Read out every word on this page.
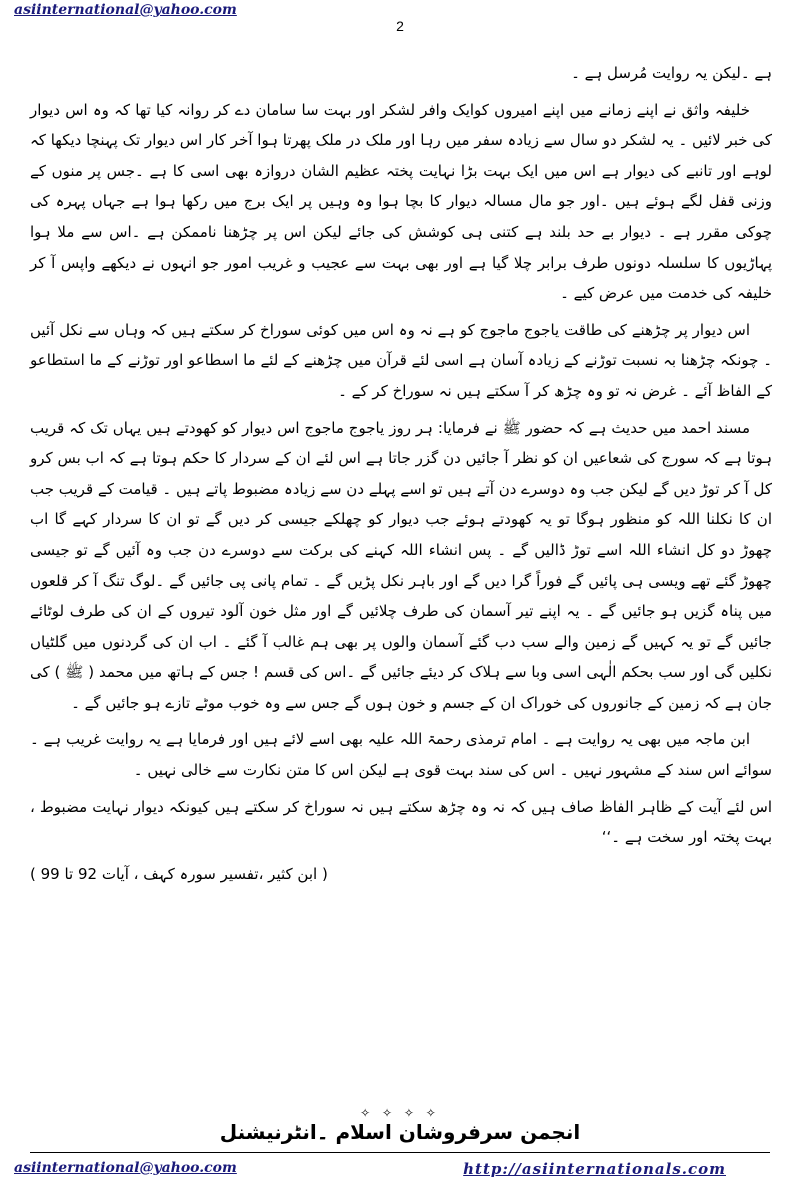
asiinternational@yahoo.com
2

ہے ۔لیکن یہ روایت مُرسل ہے ۔

خلیفہ واثق نے اپنے زمانے میں اپنے امیروں کوایک وافر لشکر اور بہت سا سامان دے کر روانہ کیا تھا کہ وہ اس دیوار کی خبر لائیں ۔ یہ لشکر دو سال سے زیادہ سفر میں رہا اور ملک در ملک پھرتا ہوا آخر کار اس دیوار تک پہنچا دیکھا کہ لوہے اور تانبے کی دیوار ہے اس میں ایک بہت بڑا نہایت پختہ عظیم الشان دروازہ بھی اسی کا ہے ۔جس پر منوں کے وزنی قفل لگے ہوئے ہیں ۔اور جو مال مسالہ دیوار کا بچا ہوا وہ وہیں پر ایک برج میں رکھا ہوا ہے جہاں پہرہ کی چوکی مقرر ہے ۔ دیوار بے حد بلند ہے کتنی ہی کوشش کی جائے لیکن اس پر چڑھنا ناممکن ہے ۔اس سے ملا ہوا پہاڑیوں کا سلسلہ دونوں طرف برابر چلا گیا ہے اور بھی بہت سے عجیب و غریب امور جو انہوں نے دیکھے واپس آ کر خلیفہ کی خدمت میں عرض کیے ۔

اس دیوار پر چڑھنے کی طاقت یاجوج ماجوج کو ہے نہ وہ اس میں کوئی سوراخ کر سکتے ہیں کہ وہاں سے نکل آئیں ۔ چونکہ چڑھنا بہ نسبت توڑنے کے زیادہ آسان ہے اسی لئے قرآن میں چڑھنے کے لئے ما اسطاعو اور توڑنے کے ما استطاعو کے الفاظ آئے ۔ غرض نہ تو وہ چڑھ کر آ سکتے ہیں نہ سوراخ کر کے ۔

مسند احمد میں حدیث ہے کہ حضور ﷺ نے فرمایا: ہر روز یاجوج ماجوج اس دیوار کو کھودتے ہیں یہاں تک کہ قریب ہوتا ہے کہ سورج کی شعاعیں ان کو نظر آ جائیں دن گزر جاتا ہے اس لئے ان کے سردار کا حکم ہوتا ہے کہ اب بس کرو کل آ کر توڑ دیں گے لیکن جب وہ دوسرے دن آتے ہیں تو اسے پہلے دن سے زیادہ مضبوط پاتے ہیں ۔ قیامت کے قریب جب ان کا نکلنا اللہ کو منظور ہوگا تو یہ کھودتے ہوئے جب دیوار کو چھلکے جیسی کر دیں گے تو ان کا سردار کہے گا اب چھوڑ دو کل انشاء اللہ اسے توڑ ڈالیں گے ۔ پس انشاء اللہ کہنے کی برکت سے دوسرے دن جب وہ آئیں گے تو جیسی چھوڑ گئے تھے ویسی ہی پائیں گے فوراً گرا دیں گے اور باہر نکل پڑیں گے ۔ تمام پانی پی جائیں گے ۔لوگ تنگ آ کر قلعوں میں پناہ گزیں ہو جائیں گے ۔ یہ اپنے تیر آسمان کی طرف چلائیں گے اور مثل خون آلود تیروں کے ان کی طرف لوٹائے جائیں گے تو یہ کہیں گے زمین والے سب دب گئے آسمان والوں پر بھی ہم غالب آ گئے ۔ اب ان کی گردنوں میں گلٹیاں نکلیں گی اور سب بحکم الٰہی اسی وبا سے ہلاک کر دیئے جائیں گے ۔اس کی قسم ! جس کے ہاتھ میں محمد ( ﷺ ) کی جان ہے کہ زمین کے جانوروں کی خوراک ان کے جسم و خون ہوں گے جس سے وہ خوب موٹے تازے ہو جائیں گے ۔

ابن ماجہ میں بھی یہ روایت ہے ۔ امام ترمذی رحمۃ اللہ علیہ بھی اسے لائے ہیں اور فرمایا ہے یہ روایت غریب ہے ۔ سوائے اس سند کے مشہور نہیں ۔ اس کی سند بہت قوی ہے لیکن اس کا متن نکارت سے خالی نہیں ۔

اس لئے آیت کے ظاہر الفاظ صاف ہیں کہ نہ وہ چڑھ سکتے ہیں نہ سوراخ کر سکتے ہیں کیونکہ دیوار نہایت مضبوط ، بہت پختہ اور سخت ہے ۔‘‘

( ابن کثیر ،تفسیر سورہ کہف ، آیات 92 تا 99 )

✧ ✧ ✧ ✧
انجمن سرفروشان اسلام ۔انٹرنیشنل
asiinternational@yahoo.com	http://asiinternationals.com
